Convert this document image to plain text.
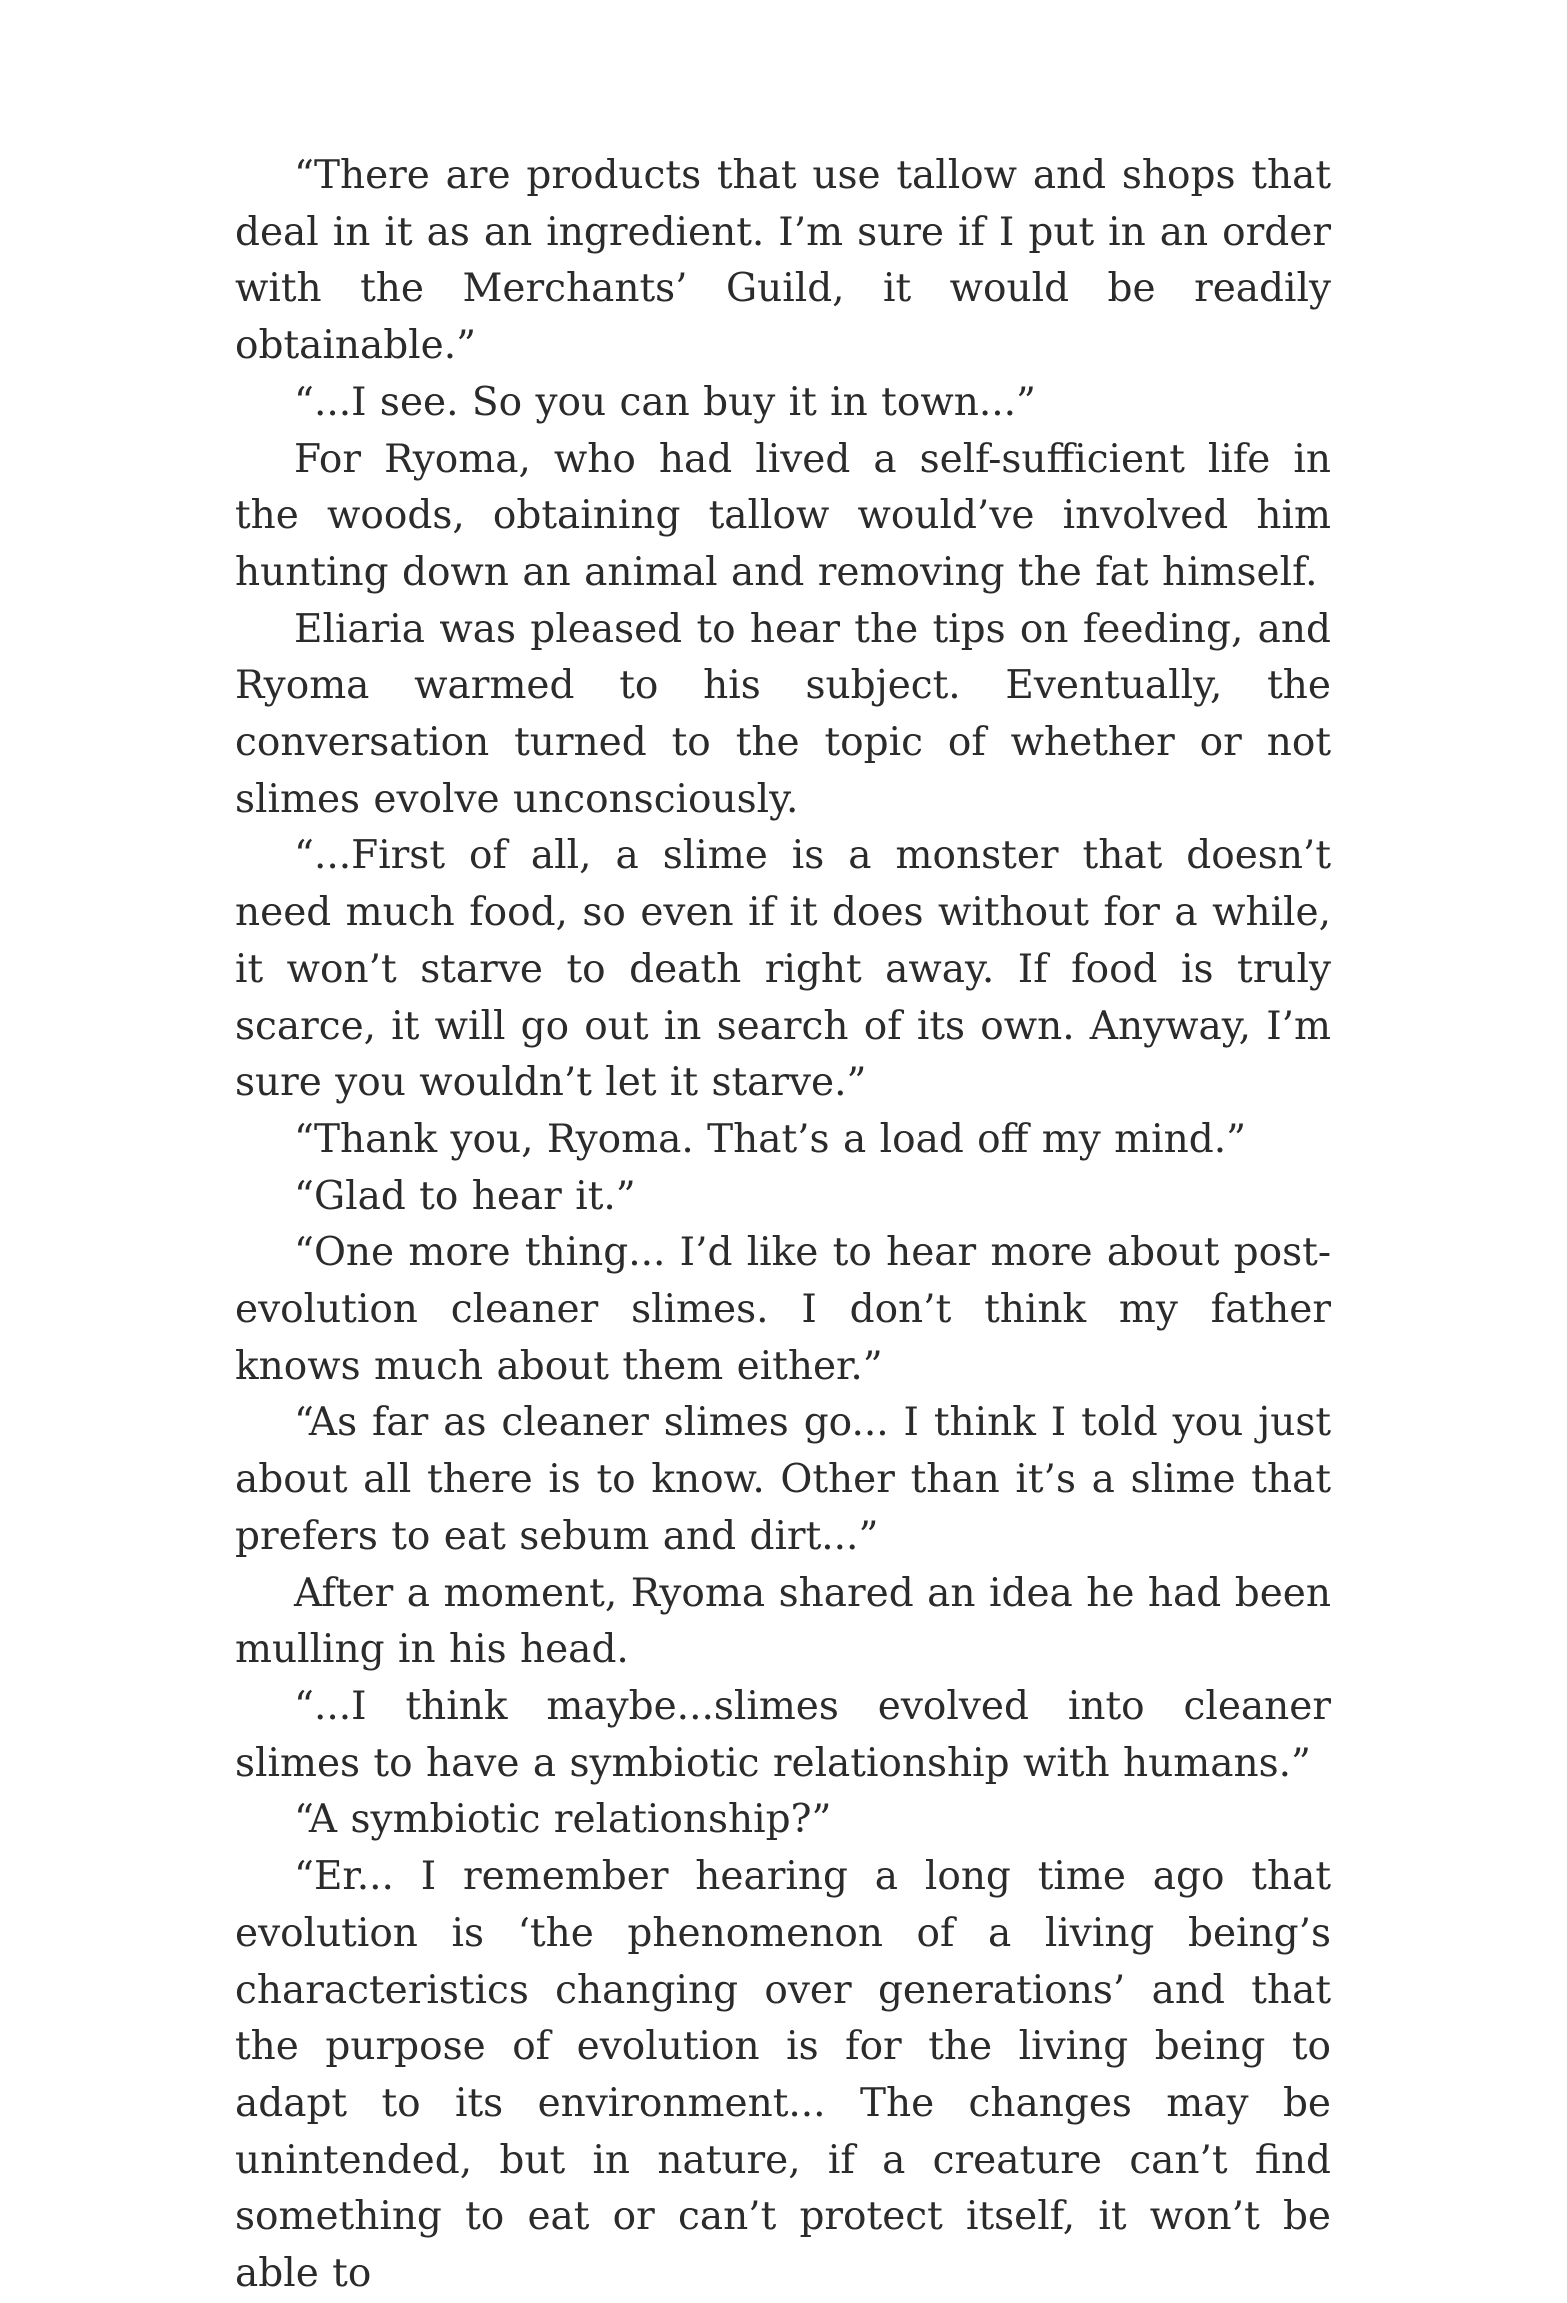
“There are products that use tallow and shops that deal in it as an ingredient. I’m sure if I put in an order with the Merchants’ Guild, it would be readily obtainable.”

“...I see. So you can buy it in town...”

For Ryoma, who had lived a self-sufficient life in the woods, obtaining tallow would’ve involved him hunting down an animal and removing the fat himself.

Eliaria was pleased to hear the tips on feeding, and Ryoma warmed to his subject. Eventually, the conversation turned to the topic of whether or not slimes evolve unconsciously.

“...First of all, a slime is a monster that doesn’t need much food, so even if it does without for a while, it won’t starve to death right away. If food is truly scarce, it will go out in search of its own. Anyway, I’m sure you wouldn’t let it starve.”

“Thank you, Ryoma. That’s a load off my mind.”

“Glad to hear it.”

“One more thing... I’d like to hear more about post-evolution cleaner slimes. I don’t think my father knows much about them either.”

“As far as cleaner slimes go... I think I told you just about all there is to know. Other than it’s a slime that prefers to eat sebum and dirt...”

After a moment, Ryoma shared an idea he had been mulling in his head.

“...I think maybe...slimes evolved into cleaner slimes to have a symbiotic relationship with humans.”

“A symbiotic relationship?”

“Er... I remember hearing a long time ago that evolution is ‘the phenomenon of a living being’s characteristics changing over generations’ and that the purpose of evolution is for the living being to adapt to its environment... The changes may be unintended, but in nature, if a creature can’t find something to eat or can’t protect itself, it won’t be able to
